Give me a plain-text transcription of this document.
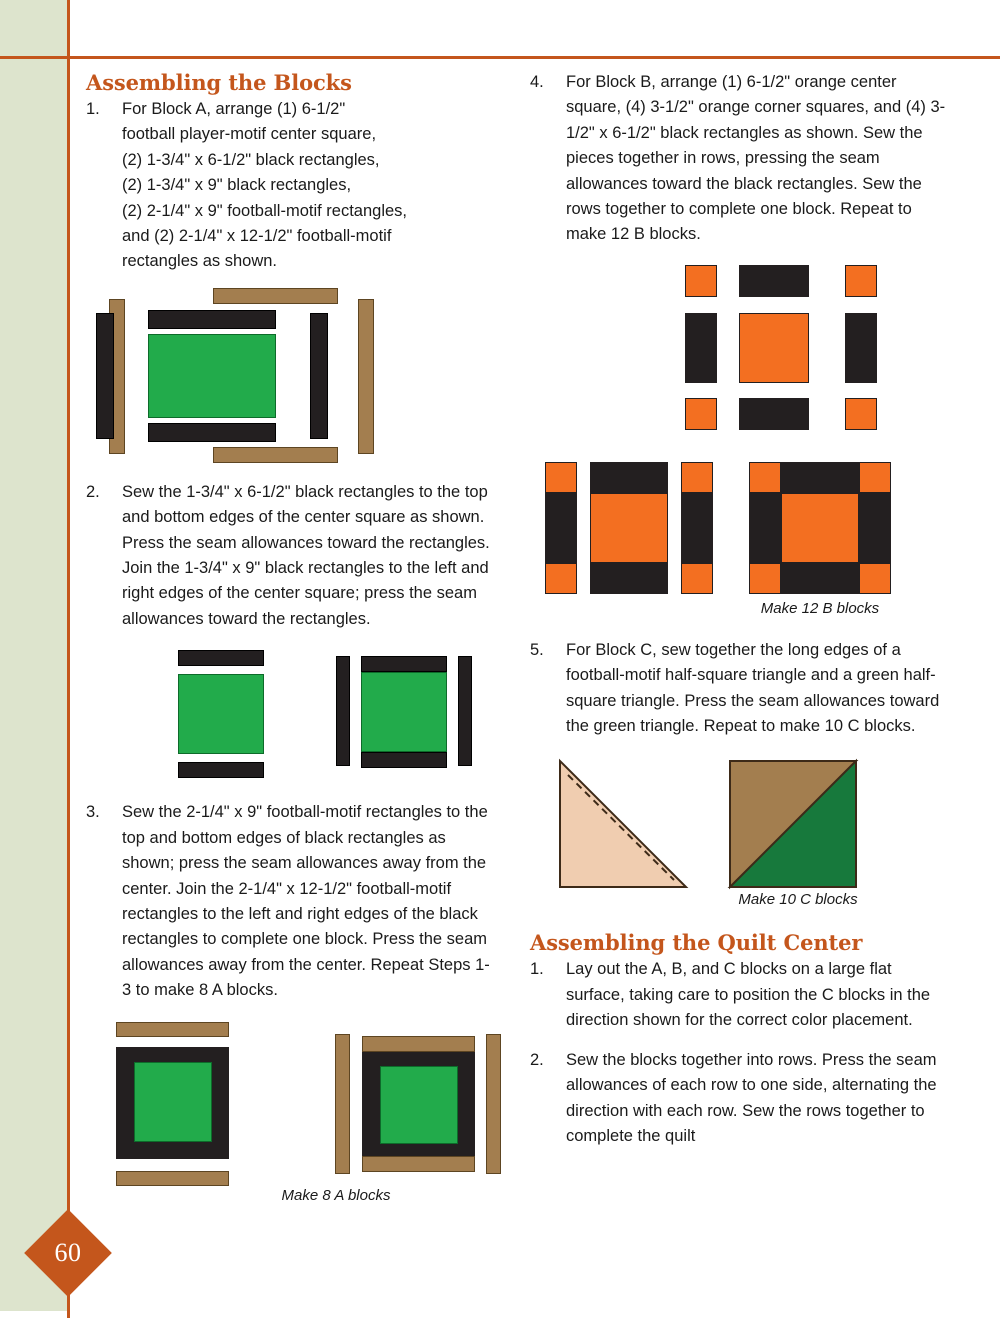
60
Assembling the Blocks
1.	For Block A, arrange (1) 6-1/2"
football player-motif center square,
(2) 1-3/4" x 6-1/2" black rectangles,
(2) 1-3/4" x 9" black rectangles,
(2) 2-1/4" x 9" football-motif rectangles,
and (2) 2-1/4" x 12-1/2" football-motif
rectangles as shown.
2.	Sew the 1-3/4" x 6-1/2" black rectangles to the top and bottom edges of the center square as shown. Press the seam allowances toward the rectangles. Join the 1-3/4" x 9" black rectangles to the left and right edges of the center square; press the seam allowances toward the rectangles.
3.	Sew the 2-1/4" x 9" football-motif rectangles to the top and bottom edges of black rectangles as shown; press the seam allowances away from the center. Join the 2-1/4" x 12-1/2" football-motif rectangles to the left and right edges of the black rectangles to complete one block. Press the seam allowances away from the center. Repeat Steps 1-3 to make 8 A blocks.
Make 8 A blocks
4.	For Block B, arrange (1) 6-1/2" orange center square, (4) 3-1/2" orange corner squares, and (4) 3-1/2" x 6-1/2" black rectangles as shown. Sew the pieces together in rows, pressing the seam allowances toward the black rectangles. Sew the rows together to complete one block. Repeat to make 12 B blocks.
Make 12 B blocks
5.	For Block C, sew together the long edges of a football-motif half-square triangle and a green half-square triangle. Press the seam allowances toward the green triangle. Repeat to make 10 C blocks.
Make 10 C blocks
Assembling the Quilt Center
1.	Lay out the A, B, and C blocks on a large flat surface, taking care to position the C blocks in the direction shown for the correct color placement.
2.	Sew the blocks together into rows. Press the seam allowances of each row to one side, alternating the direction with each row. Sew the rows together to complete the quilt
